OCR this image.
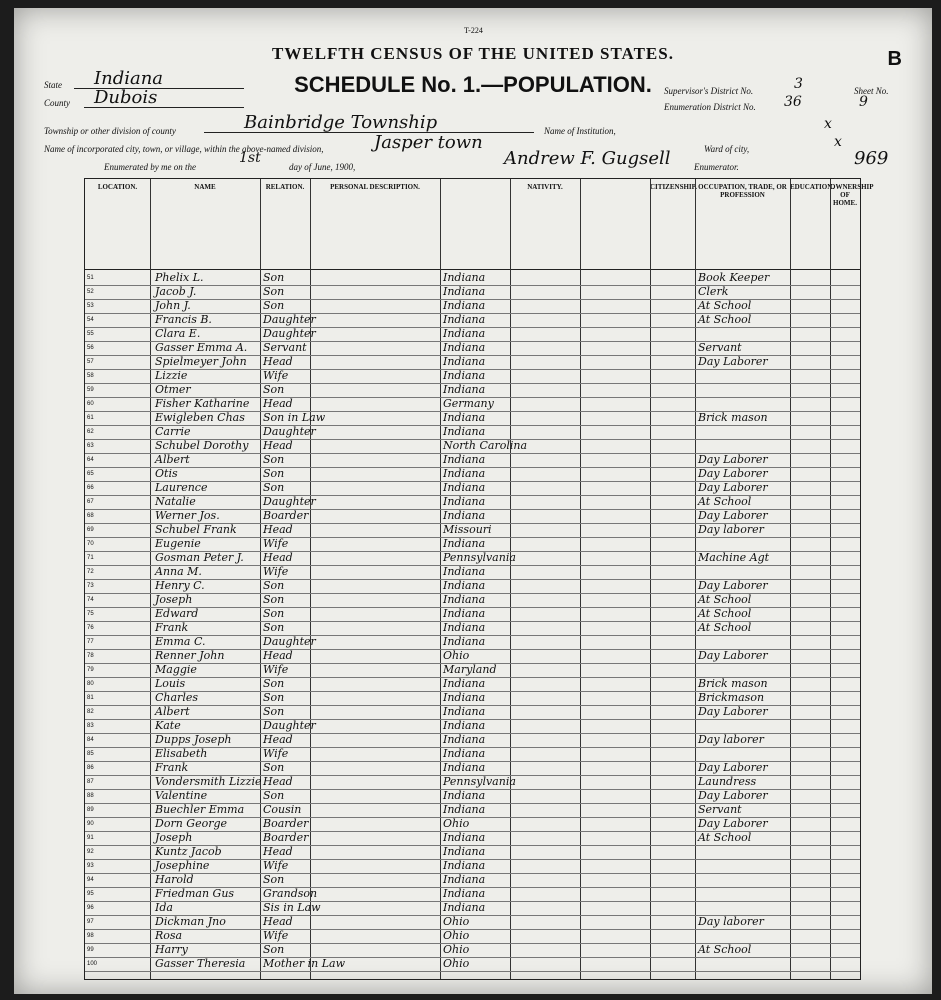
T-224
TWELFTH CENSUS OF THE UNITED STATES.
SCHEDULE No. 1.—POPULATION.
B
State Indiana
County Dubois	Supervisor's District No.	3
Enumeration District No. 36
Sheet No.
9
Township or other division of county	Bainbridge Township	Name of Institution,	x
Name of incorporated city, town, or village, within the above-named division,	Jasper town	Ward of city,	x
Enumerated by me on the
1st
day of June, 1900,	Andrew F. Gugsell	Enumerator.	969
LOCATION.	NAME	RELATION.	PERSONAL DESCRIPTION.	NATIVITY.	CITIZENSHIP. OCCUPATION, TRADE, OR PROFESSION
EDUCATION.
OWNERSHIP OF HOME.
51	Phelix L.	Son	Indiana	Book Keeper
52	Jacob J.	Son	Indiana	Clerk
53	John J.	Son	Indiana	At School
54	Francis B.	Daughter	Indiana	At School
55	Clara E.	Daughter	Indiana
56	Gasser Emma A.	Servant	Indiana	Servant
57	Spielmeyer John	Head	Indiana	Day Laborer
58	Lizzie	Wife	Indiana
59	Otmer	Son	Indiana
60	Fisher Katharine	Head	Germany
61	Ewigleben Chas	Son in Law	Indiana	Brick mason
62	Carrie	Daughter	Indiana
63	Schubel Dorothy	Head	North Carolina
64	Albert	Son	Indiana	Day Laborer
65	Otis	Son	Indiana	Day Laborer
66	Laurence	Son	Indiana	Day Laborer
67	Natalie	Daughter	Indiana	At School
68	Werner Jos.	Boarder	Indiana	Day Laborer
69	Schubel Frank	Head	Missouri	Day laborer
70	Eugenie	Wife	Indiana
71	Gosman Peter J.	Head	Pennsylvania	Machine Agt
72	Anna M.	Wife	Indiana
73	Henry C.	Son	Indiana	Day Laborer
74	Joseph	Son	Indiana	At School
75	Edward	Son	Indiana	At School
76	Frank	Son	Indiana	At School
77	Emma C.	Daughter	Indiana
78	Renner John	Head	Ohio	Day Laborer
79	Maggie	Wife	Maryland
80	Louis	Son	Indiana	Brick mason
81	Charles	Son	Indiana	Brickmason
82	Albert	Son	Indiana	Day Laborer
83	Kate	Daughter	Indiana
84	Dupps Joseph	Head	Indiana	Day laborer
85	Elisabeth	Wife	Indiana
86	Frank	Son	Indiana	Day Laborer
87	Vondersmith Lizzie Head	Pennsylvania	Laundress
88	Valentine	Son	Indiana	Day Laborer
89	Buechler Emma	Cousin	Indiana	Servant
90	Dorn George	Boarder	Ohio	Day Laborer
91	Joseph	Boarder	Indiana	At School
92	Kuntz Jacob	Head	Indiana
93	Josephine	Wife	Indiana
94	Harold	Son	Indiana
95	Friedman Gus	Grandson	Indiana
96	Ida	Sis in Law	Indiana
97	Dickman Jno	Head	Ohio	Day laborer
98	Rosa	Wife	Ohio
99	Harry	Son	Ohio	At School
100	Gasser Theresia	Mother in Law	Ohio
